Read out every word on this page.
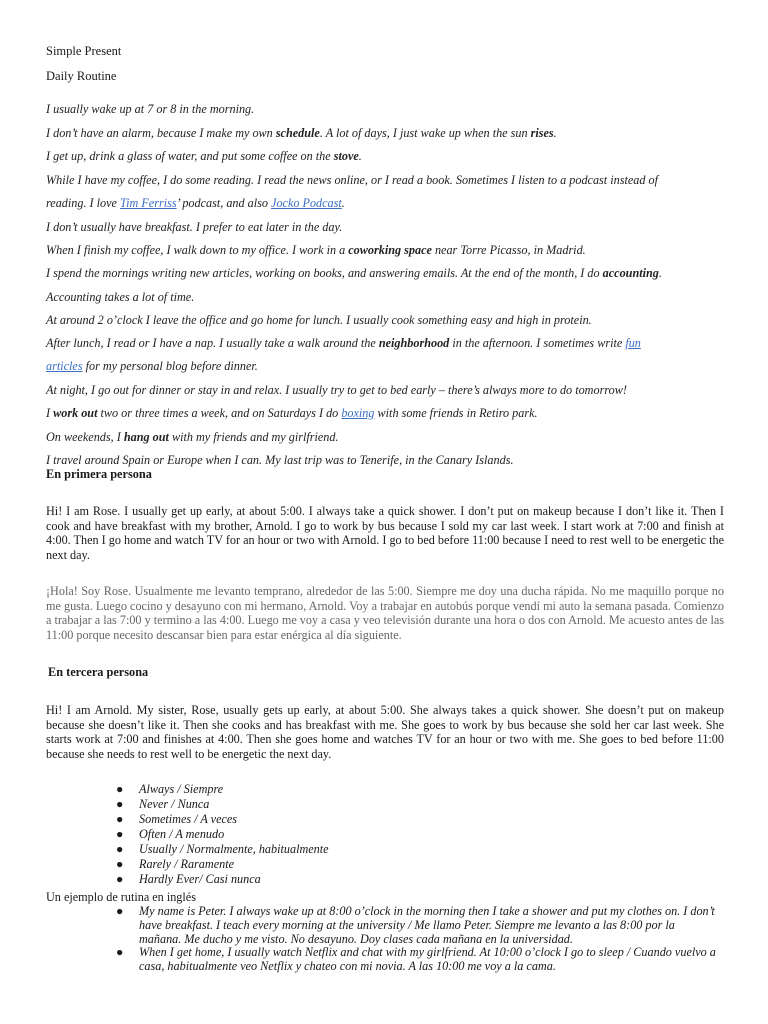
Simple Present
Daily Routine
I usually wake up at 7 or 8 in the morning.
I don’t have an alarm, because I make my own schedule. A lot of days, I just wake up when the sun rises.
I get up, drink a glass of water, and put some coffee on the stove.
While I have my coffee, I do some reading. I read the news online, or I read a book. Sometimes I listen to a podcast instead of
reading. I love Tim Ferriss’ podcast, and also Jocko Podcast.
I don’t usually have breakfast. I prefer to eat later in the day.
When I finish my coffee, I walk down to my office. I work in a coworking space near Torre Picasso, in Madrid.
I spend the mornings writing new articles, working on books, and answering emails. At the end of the month, I do accounting.
Accounting takes a lot of time.
At around 2 o’clock I leave the office and go home for lunch. I usually cook something easy and high in protein.
After lunch, I read or I have a nap. I usually take a walk around the neighborhood in the afternoon. I sometimes write fun
articles for my personal blog before dinner.
At night, I go out for dinner or stay in and relax. I usually try to get to bed early – there’s always more to do tomorrow!
I work out two or three times a week, and on Saturdays I do boxing with some friends in Retiro park.
On weekends, I hang out with my friends and my girlfriend.
I travel around Spain or Europe when I can. My last trip was to Tenerife, in the Canary Islands.
En primera persona
Hi! I am Rose. I usually get up early, at about 5:00. I always take a quick shower. I don’t put on makeup because I don’t like it. Then I cook and have breakfast with my brother, Arnold. I go to work by bus because I sold my car last week. I start work at 7:00 and finish at 4:00. Then I go home and watch TV for an hour or two with Arnold. I go to bed before 11:00 because I need to rest well to be energetic the next day.
¡Hola! Soy Rose. Usualmente me levanto temprano, alrededor de las 5:00. Siempre me doy una ducha rápida. No me maquillo porque no me gusta. Luego cocino y desayuno con mi hermano, Arnold. Voy a trabajar en autobús porque vendí mi auto la semana pasada. Comienzo a trabajar a las 7:00 y termino a las 4:00. Luego me voy a casa y veo televisión durante una hora o dos con Arnold. Me acuesto antes de las 11:00 porque necesito descansar bien para estar enérgica al día siguiente.
En tercera persona
Hi! I am Arnold. My sister, Rose, usually gets up early, at about 5:00. She always takes a quick shower. She doesn’t put on makeup because she doesn’t like it. Then she cooks and has breakfast with me. She goes to work by bus because she sold her car last week. She starts work at 7:00 and finishes at 4:00. Then she goes home and watches TV for an hour or two with me. She goes to bed before 11:00 because she needs to rest well to be energetic the next day.
● Always / Siempre
● Never / Nunca
● Sometimes / A veces
● Often / A menudo
● Usually / Normalmente, habitualmente
● Rarely / Raramente
● Hardly Ever/ Casi nunca
Un ejemplo de rutina en inglés
● My name is Peter. I always wake up at 8:00 o’clock in the morning then I take a shower and put my clothes on. I don’t have breakfast. I teach every morning at the university / Me llamo Peter. Siempre me levanto a las 8:00 por la mañana. Me ducho y me visto. No desayuno. Doy clases cada mañana en la universidad.
● When I get home, I usually watch Netflix and chat with my girlfriend. At 10:00 o’clock I go to sleep / Cuando vuelvo a casa, habitualmente veo Netflix y chateo con mi novia. A las 10:00 me voy a la cama.
